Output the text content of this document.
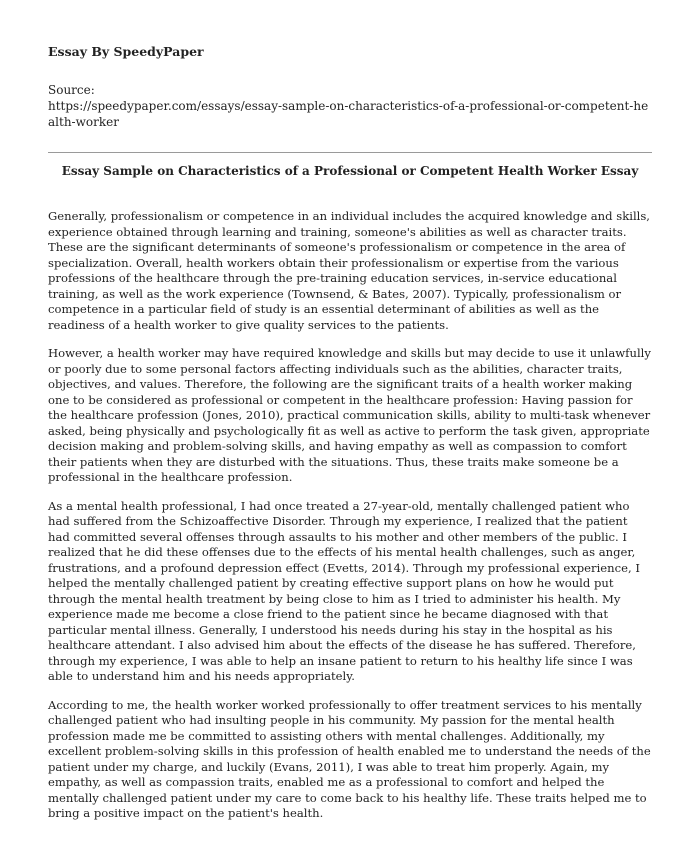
Essay By SpeedyPaper

Source:

https://speedypaper.com/essays/essay-sample-on-characteristics-of-a-professional-or-competent-health-worker

Essay Sample on Characteristics of a Professional or Competent Health Worker Essay

Generally, professionalism or competence in an individual includes the acquired knowledge and skills, experience obtained through learning and training, someone's abilities as well as character traits. These are the significant determinants of someone's professionalism or competence in the area of specialization. Overall, health workers obtain their professionalism or expertise from the various professions of the healthcare through the pre-training education services, in-service educational training, as well as the work experience (Townsend, & Bates, 2007). Typically, professionalism or competence in a particular field of study is an essential determinant of abilities as well as the readiness of a health worker to give quality services to the patients.

However, a health worker may have required knowledge and skills but may decide to use it unlawfully or poorly due to some personal factors affecting individuals such as the abilities, character traits, objectives, and values. Therefore, the following are the significant traits of a health worker making one to be considered as professional or competent in the healthcare profession: Having passion for the healthcare profession (Jones, 2010), practical communication skills, ability to multi-task whenever asked, being physically and psychologically fit as well as active to perform the task given, appropriate decision making and problem-solving skills, and having empathy as well as compassion to comfort their patients when they are disturbed with the situations. Thus, these traits make someone be a professional in the healthcare profession.

As a mental health professional, I had once treated a 27-year-old, mentally challenged patient who had suffered from the Schizoaffective Disorder. Through my experience, I realized that the patient had committed several offenses through assaults to his mother and other members of the public. I realized that he did these offenses due to the effects of his mental health challenges, such as anger, frustrations, and a profound depression effect (Evetts, 2014). Through my professional experience, I helped the mentally challenged patient by creating effective support plans on how he would put through the mental health treatment by being close to him as I tried to administer his health. My experience made me become a close friend to the patient since he became diagnosed with that particular mental illness. Generally, I understood his needs during his stay in the hospital as his healthcare attendant. I also advised him about the effects of the disease he has suffered. Therefore, through my experience, I was able to help an insane patient to return to his healthy life since I was able to understand him and his needs appropriately.

According to me, the health worker worked professionally to offer treatment services to his mentally challenged patient who had insulting people in his community. My passion for the mental health profession made me be committed to assisting others with mental challenges. Additionally, my excellent problem-solving skills in this profession of health enabled me to understand the needs of the patient under my charge, and luckily (Evans, 2011), I was able to treat him properly. Again, my empathy, as well as compassion traits, enabled me as a professional to comfort and helped the mentally challenged patient under my care to come back to his healthy life. These traits helped me to bring a positive impact on the patient's health.
